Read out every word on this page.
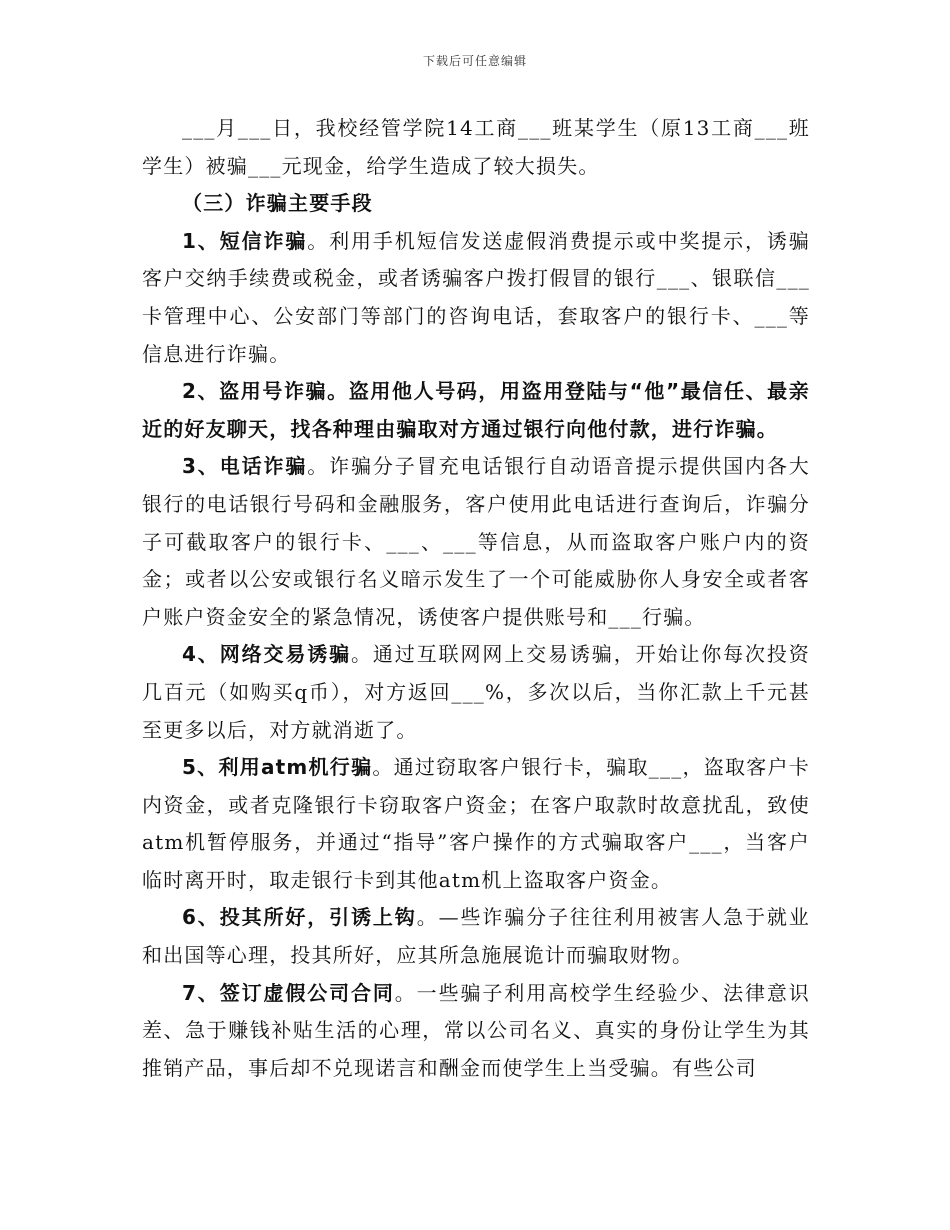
下载后可任意编辑

___月___日，我校经管学院14工商___班某学生（原13工商___班学生）被骗___元现金，给学生造成了较大损失。

（三）诈骗主要手段

1、短信诈骗。利用手机短信发送虚假消费提示或中奖提示，诱骗客户交纳手续费或税金，或者诱骗客户拨打假冒的银行___、银联信___卡管理中心、公安部门等部门的咨询电话，套取客户的银行卡、___等信息进行诈骗。

2、盗用号诈骗。盗用他人号码，用盗用登陆与“他”最信任、最亲近的好友聊天，找各种理由骗取对方通过银行向他付款，进行诈骗。

3、电话诈骗。诈骗分子冒充电话银行自动语音提示提供国内各大银行的电话银行号码和金融服务，客户使用此电话进行查询后，诈骗分子可截取客户的银行卡、___、___等信息，从而盗取客户账户内的资金；或者以公安或银行名义暗示发生了一个可能威胁你人身安全或者客户账户资金安全的紧急情况，诱使客户提供账号和___行骗。

4、网络交易诱骗。通过互联网网上交易诱骗，开始让你每次投资几百元（如购买q币），对方返回___%，多次以后，当你汇款上千元甚至更多以后，对方就消逝了。

5、利用atm机行骗。通过窃取客户银行卡，骗取___，盗取客户卡内资金，或者克隆银行卡窃取客户资金；在客户取款时故意扰乱，致使atm机暂停服务，并通过“指导”客户操作的方式骗取客户___，当客户临时离开时，取走银行卡到其他atm机上盗取客户资金。

6、投其所好，引诱上钩。—些诈骗分子往往利用被害人急于就业和出国等心理，投其所好，应其所急施展诡计而骗取财物。

7、签订虚假公司合同。一些骗子利用高校学生经验少、法律意识差、急于赚钱补贴生活的心理，常以公司名义、真实的身份让学生为其推销产品，事后却不兑现诺言和酬金而使学生上当受骗。有些公司
